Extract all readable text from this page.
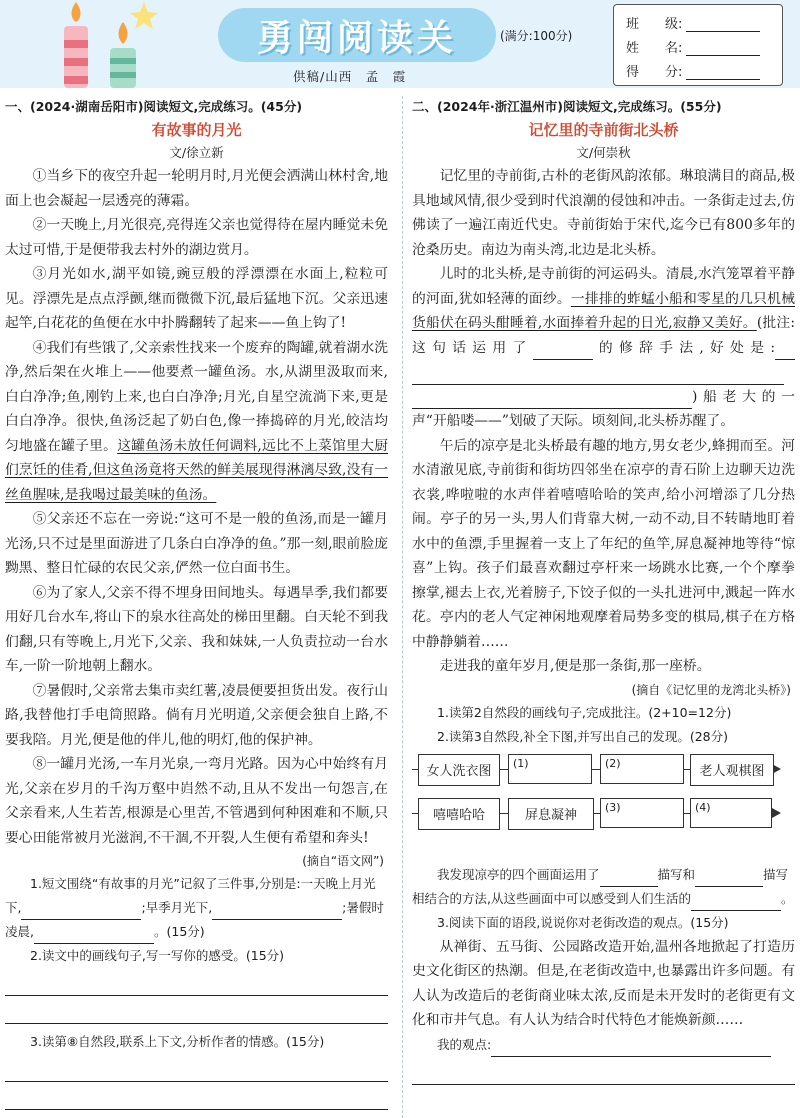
勇闯阅读关	(满分:100分)
供稿/山西　孟　霞
班　　级:
姓　　名:
得　　分:
一、(2024·湖南岳阳市)阅读短文,完成练习。(45分)
有故事的月光
文/徐立新

①当乡下的夜空升起一轮明月时,月光便会洒满山林村舍,地面上也会凝起一层透亮的薄霜。

②一天晚上,月光很亮,亮得连父亲也觉得待在屋内睡觉未免太过可惜,于是便带我去村外的湖边赏月。

③月光如水,湖平如镜,豌豆般的浮漂漂在水面上,粒粒可见。浮漂先是点点浮颤,继而微微下沉,最后猛地下沉。父亲迅速起竿,白花花的鱼便在水中扑腾翻转了起来——鱼上钩了!

④我们有些饿了,父亲索性找来一个废弃的陶罐,就着湖水洗净,然后架在火堆上——他要煮一罐鱼汤。水,从湖里汲取而来,白白净净;鱼,刚钓上来,也白白净净;月光,自星空流淌下来,更是白白净净。很快,鱼汤泛起了奶白色,像一捧捣碎的月光,皎洁均匀地盛在罐子里。这罐鱼汤未放任何调料,远比不上菜馆里大厨们烹饪的佳肴,但这鱼汤竟将天然的鲜美展现得淋漓尽致,没有一丝鱼腥味,是我喝过最美味的鱼汤。

⑤父亲还不忘在一旁说:“这可不是一般的鱼汤,而是一罐月光汤,只不过是里面游进了几条白白净净的鱼。”那一刻,眼前脸庞黝黑、整日忙碌的农民父亲,俨然一位白面书生。

⑥为了家人,父亲不得不埋身田间地头。每遇旱季,我们都要用好几台水车,将山下的泉水往高处的梯田里翻。白天轮不到我们翻,只有等晚上,月光下,父亲、我和妹妹,一人负责拉动一台水车,一阶一阶地朝上翻水。

⑦暑假时,父亲常去集市卖红薯,凌晨便要担货出发。夜行山路,我替他打手电筒照路。倘有月光明道,父亲便会独自上路,不要我陪。月光,便是他的伴儿,他的明灯,他的保护神。

⑧一罐月光汤,一车月光泉,一弯月光路。因为心中始终有月光,父亲在岁月的千沟万壑中岿然不动,且从不发出一句怨言,在父亲看来,人生若苦,根源是心里苦,不管遇到何种困难和不顺,只要心田能常被月光滋润,不干涸,不开裂,人生便有希望和奔头!

(摘自“语文网”)

1.短文围绕“有故事的月光”记叙了三件事,分别是:一天晚上月光下,	;早季月光下,	;暑假时凌晨,	。(15分)

2.读文中的画线句子,写一写你的感受。(15分)

3.读第⑧自然段,联系上下文,分析作者的情感。(15分)

二、(2024年·浙江温州市)阅读短文,完成练习。(55分)
记忆里的寺前街北头桥
文/何崇秋

记忆里的寺前街,古朴的老街风韵浓郁。琳琅满目的商品,极具地域风情,很少受到时代浪潮的侵蚀和冲击。一条街走过去,仿佛读了一遍江南近代史。寺前街始于宋代,迄今已有800多年的沧桑历史。南边为南头湾,北边是北头桥。

儿时的北头桥,是寺前街的河运码头。清晨,水汽笼罩着平静的河面,犹如轻薄的面纱。一排排的蚱蜢小船和零星的几只机械货船伏在码头酣睡着,水面捧着升起的日光,寂静又美好。(批注:这句话运用了	的修辞手法,好处是:)船老大的一声“开船喽——”划破了天际。顷刻间,北头桥苏醒了。

午后的凉亭是北头桥最有趣的地方,男女老少,蜂拥而至。河水清澈见底,寺前街和街坊四邻坐在凉亭的青石阶上边聊天边洗衣裳,哗啦啦的水声伴着嘻嘻哈哈的笑声,给小河增添了几分热闹。亭子的另一头,男人们背靠大树,一动不动,目不转睛地盯着水中的鱼漂,手里握着一支上了年纪的鱼竿,屏息凝神地等待“惊喜”上钩。孩子们最喜欢翻过亭杆来一场跳水比赛,一个个摩拳擦掌,褪去上衣,光着膀子,下饺子似的一头扎进河中,溅起一阵水花。亭内的老人气定神闲地观摩着局势多变的棋局,棋子在方格中静静躺着……

走进我的童年岁月,便是那一条街,那一座桥。

(摘自《记忆里的龙湾北头桥》)

1.读第2自然段的画线句子,完成批注。(2+10=12分)

2.读第3自然段,补全下图,并写出自己的发现。(28分)

女人洗衣图
(1)	(2)
老人观棋图
嘻嘻哈哈	屏息凝神
(3)	(4)

我发现凉亭的四个画面运用了	描写和	描写相结合的方法,从这些画面中可以感受到人们生活的	。

3.阅读下面的语段,说说你对老街改造的观点。(15分)

从禅街、五马街、公园路改造开始,温州各地掀起了打造历史文化街区的热潮。但是,在老街改造中,也暴露出许多问题。有人认为改造后的老街商业味太浓,反而是未开发时的老街更有文化和市井气息。有人认为结合时代特色才能焕新颜……

我的观点:
